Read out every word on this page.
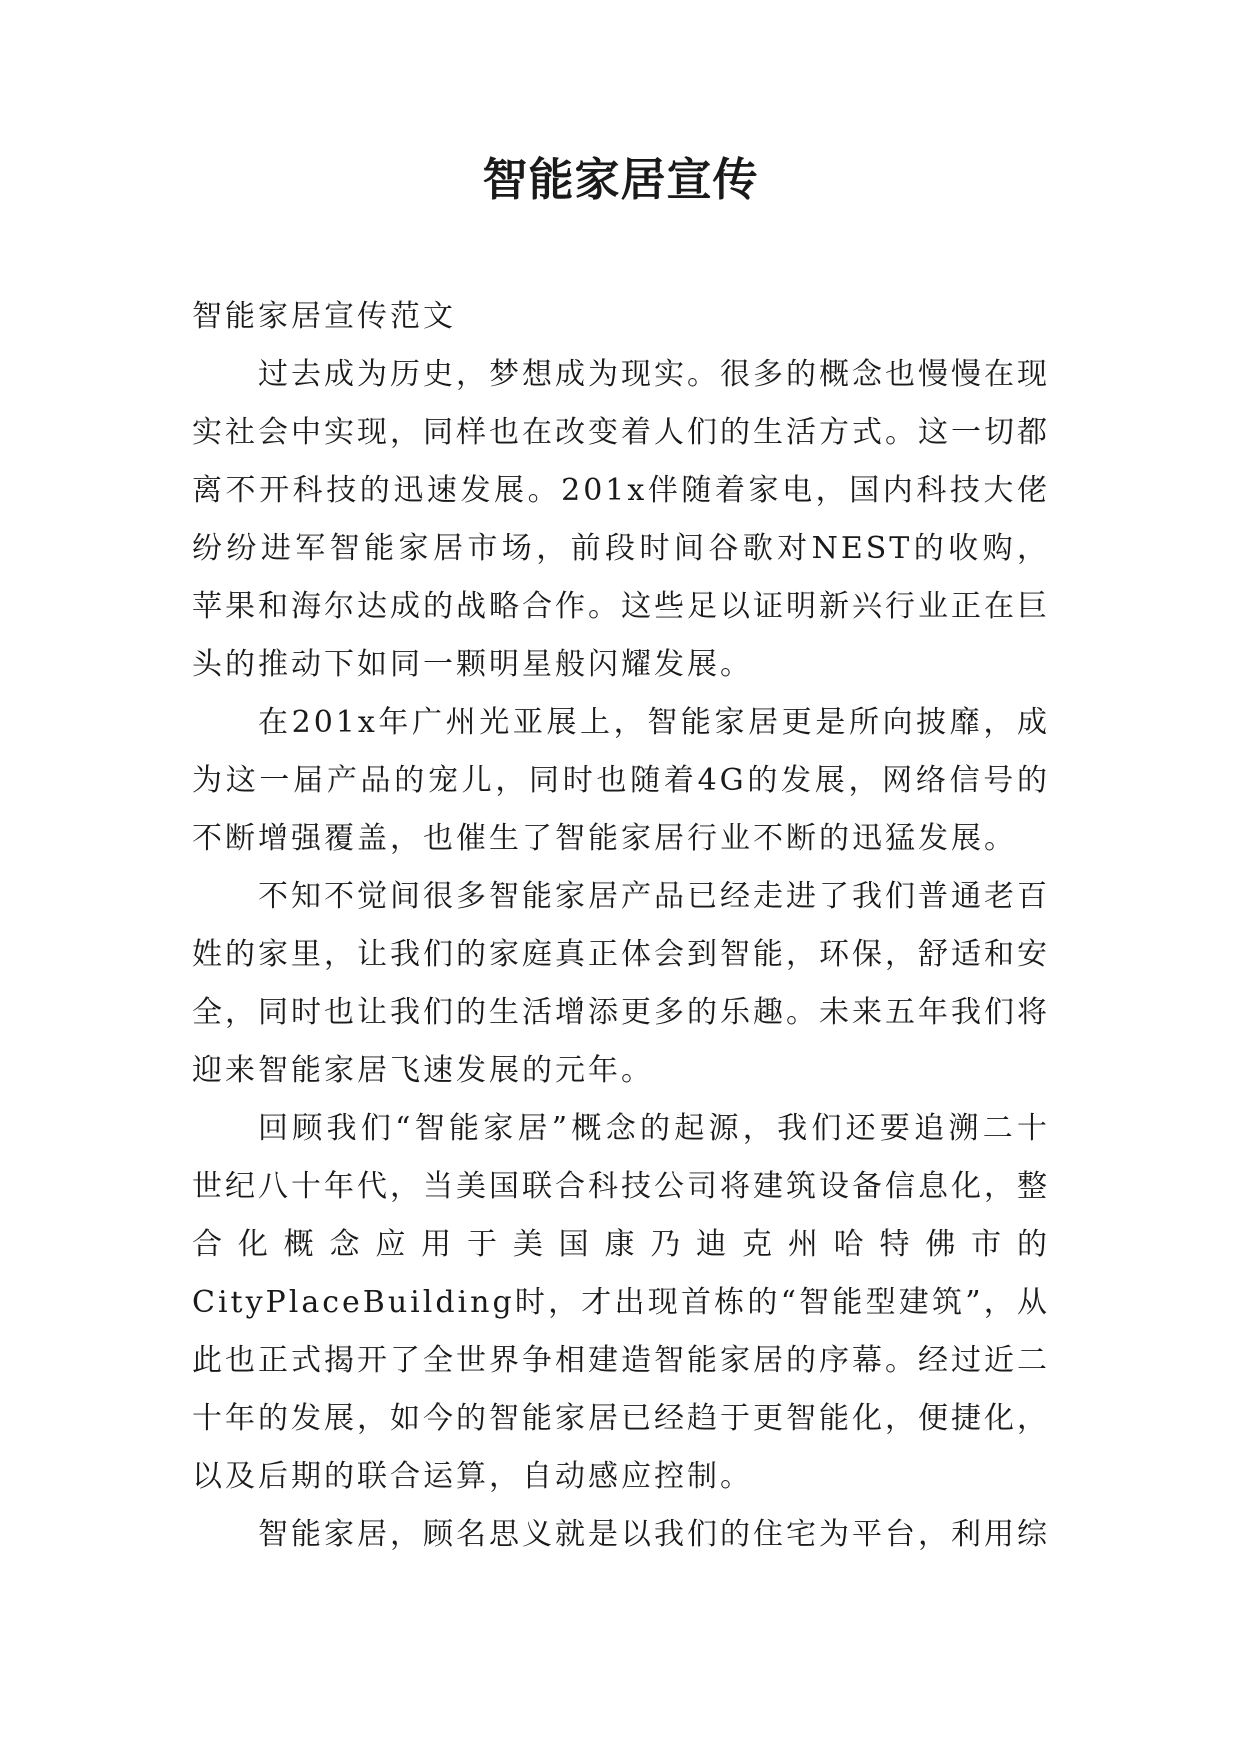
智能家居宣传

智能家居宣传范文

过去成为历史，梦想成为现实。很多的概念也慢慢在现实社会中实现，同样也在改变着人们的生活方式。这一切都离不开科技的迅速发展。201x伴随着家电，国内科技大佬纷纷进军智能家居市场，前段时间谷歌对NEST的收购，苹果和海尔达成的战略合作。这些足以证明新兴行业正在巨头的推动下如同一颗明星般闪耀发展。

在201x年广州光亚展上，智能家居更是所向披靡，成为这一届产品的宠儿，同时也随着4G的发展，网络信号的不断增强覆盖，也催生了智能家居行业不断的迅猛发展。

不知不觉间很多智能家居产品已经走进了我们普通老百姓的家里，让我们的家庭真正体会到智能，环保，舒适和安全，同时也让我们的生活增添更多的乐趣。未来五年我们将迎来智能家居飞速发展的元年。

回顾我们“智能家居”概念的起源，我们还要追溯二十世纪八十年代，当美国联合科技公司将建筑设备信息化，整合化概念应用于美国康乃迪克州哈特佛市的CityPlaceBuilding时，才出现首栋的“智能型建筑”，从此也正式揭开了全世界争相建造智能家居的序幕。经过近二十年的发展，如今的智能家居已经趋于更智能化，便捷化，以及后期的联合运算，自动感应控制。

智能家居，顾名思义就是以我们的住宅为平台，利用综
